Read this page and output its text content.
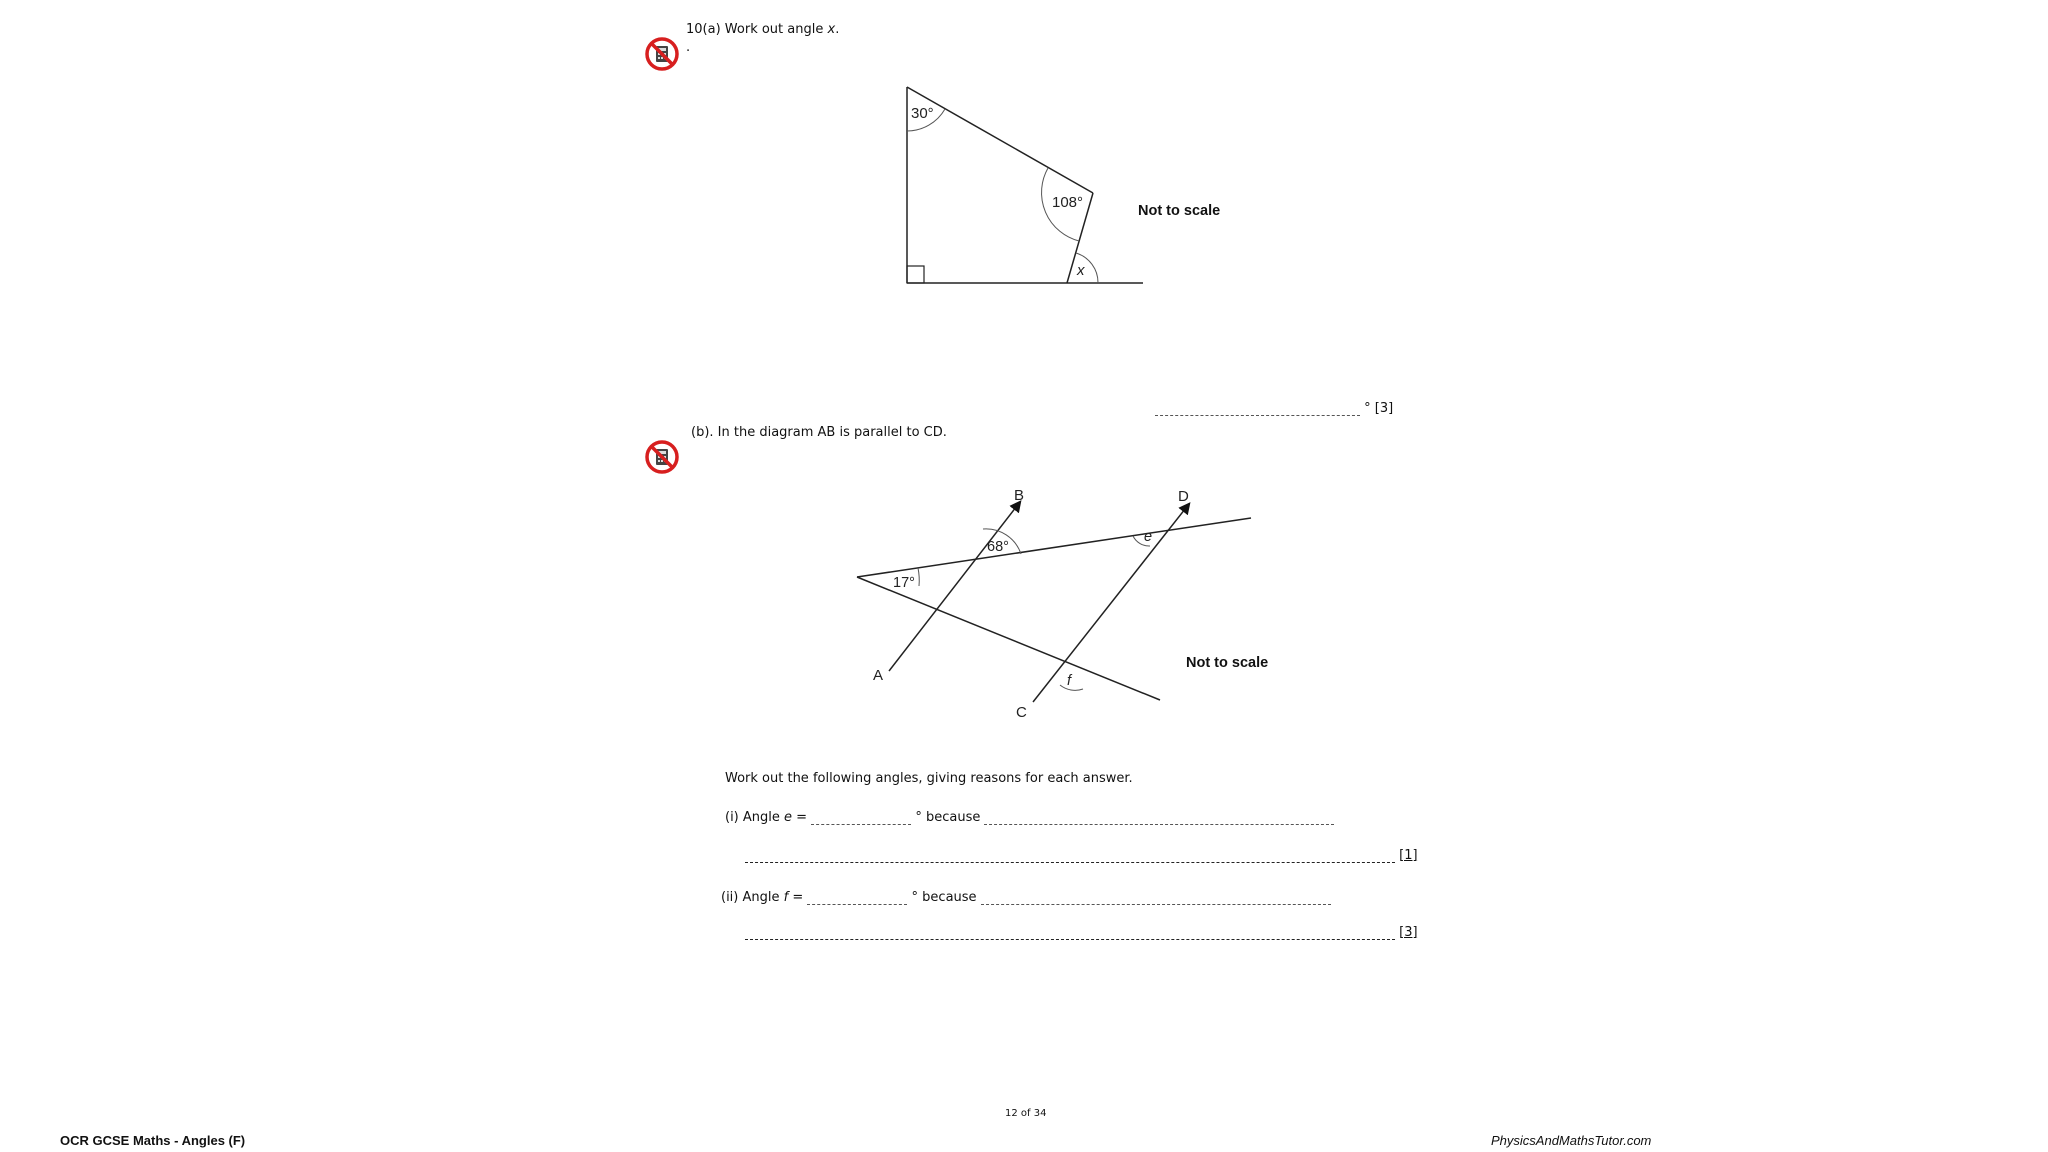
10(a) Work out angle x.
.
30°
108°
x
Not to scale
° [3]
(b). In the diagram AB is parallel to CD.
B	D
A
C
68°
17°
e
f
Not to scale
Work out the following angles, giving reasons for each answer.
(i) Angle e =	° because
[1]
(ii) Angle f =	° because
[3]
12 of 34
OCR GCSE Maths - Angles (F)	PhysicsAndMathsTutor.com
